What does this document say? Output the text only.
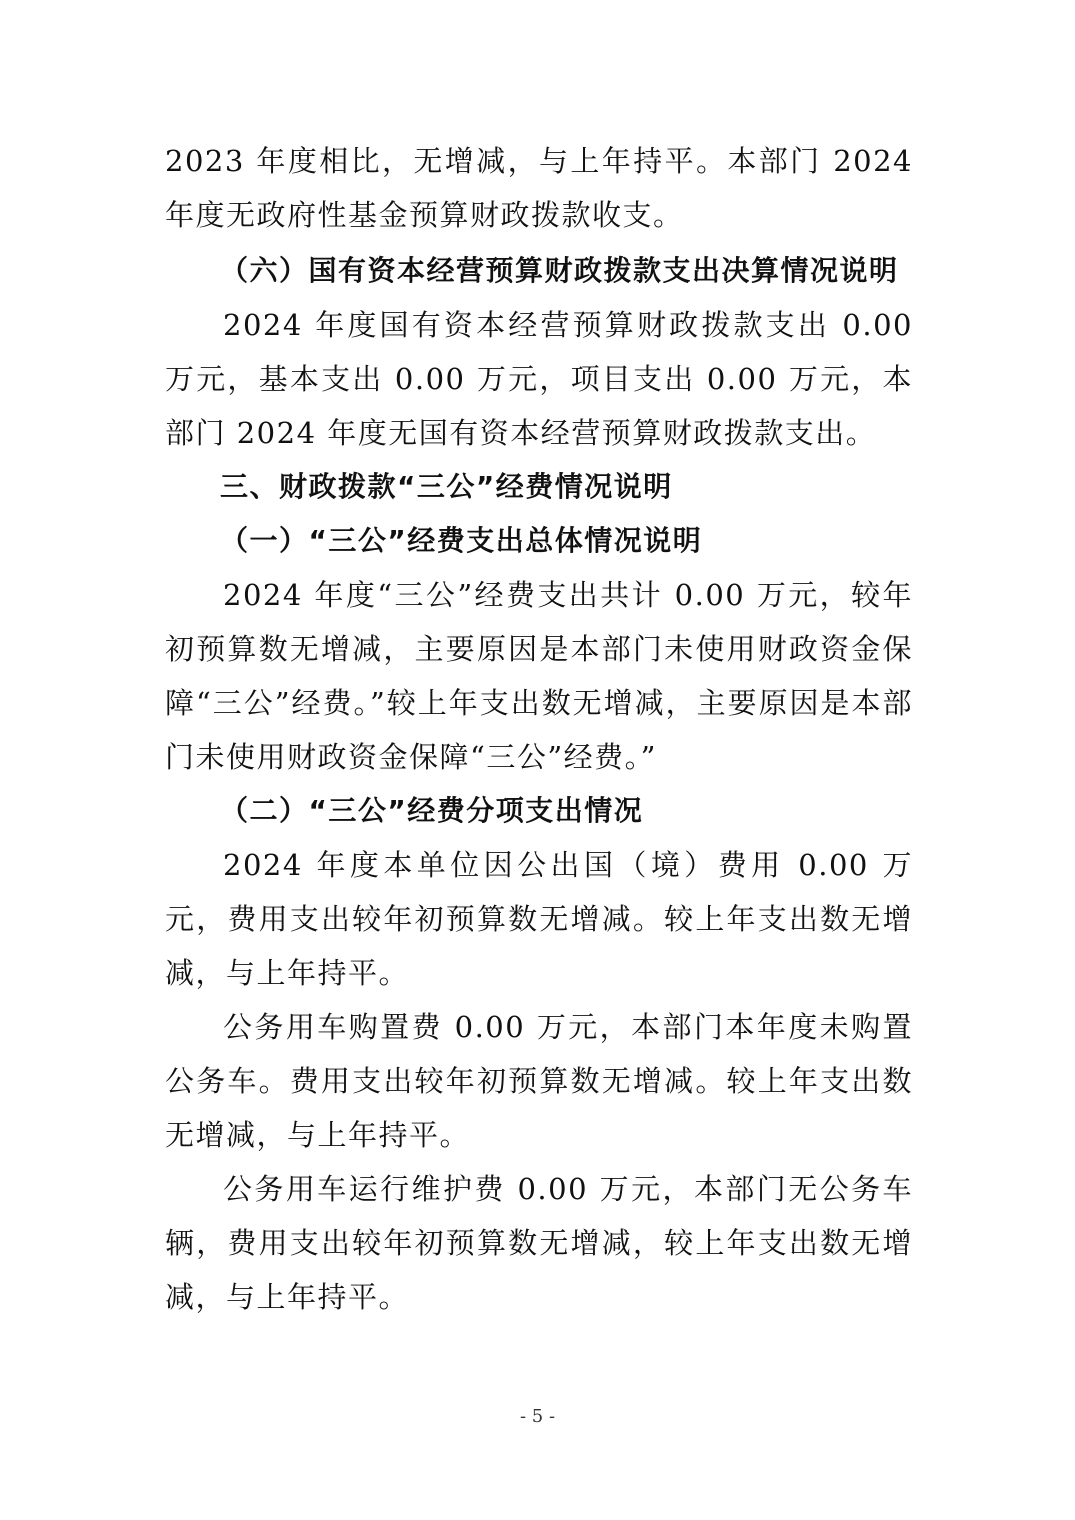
2023 年度相比，无增减，与上年持平。本部门 2024 年度无政府性基金预算财政拨款收支。

（六）国有资本经营预算财政拨款支出决算情况说明

2024 年度国有资本经营预算财政拨款支出 0.00 万元，基本支出 0.00 万元，项目支出 0.00 万元，本部门 2024 年度无国有资本经营预算财政拨款支出。

三、财政拨款“三公”经费情况说明

（一）“三公”经费支出总体情况说明

2024 年度“三公”经费支出共计 0.00 万元，较年初预算数无增减，主要原因是本部门未使用财政资金保障“三公”经费。”较上年支出数无增减，主要原因是本部门未使用财政资金保障“三公”经费。”

（二）“三公”经费分项支出情况

2024 年度本单位因公出国（境）费用 0.00 万元，费用支出较年初预算数无增减。较上年支出数无增减，与上年持平。

公务用车购置费 0.00 万元，本部门本年度未购置公务车。费用支出较年初预算数无增减。较上年支出数无增减，与上年持平。

公务用车运行维护费 0.00 万元，本部门无公务车辆，费用支出较年初预算数无增减，较上年支出数无增减，与上年持平。

- 5 -
